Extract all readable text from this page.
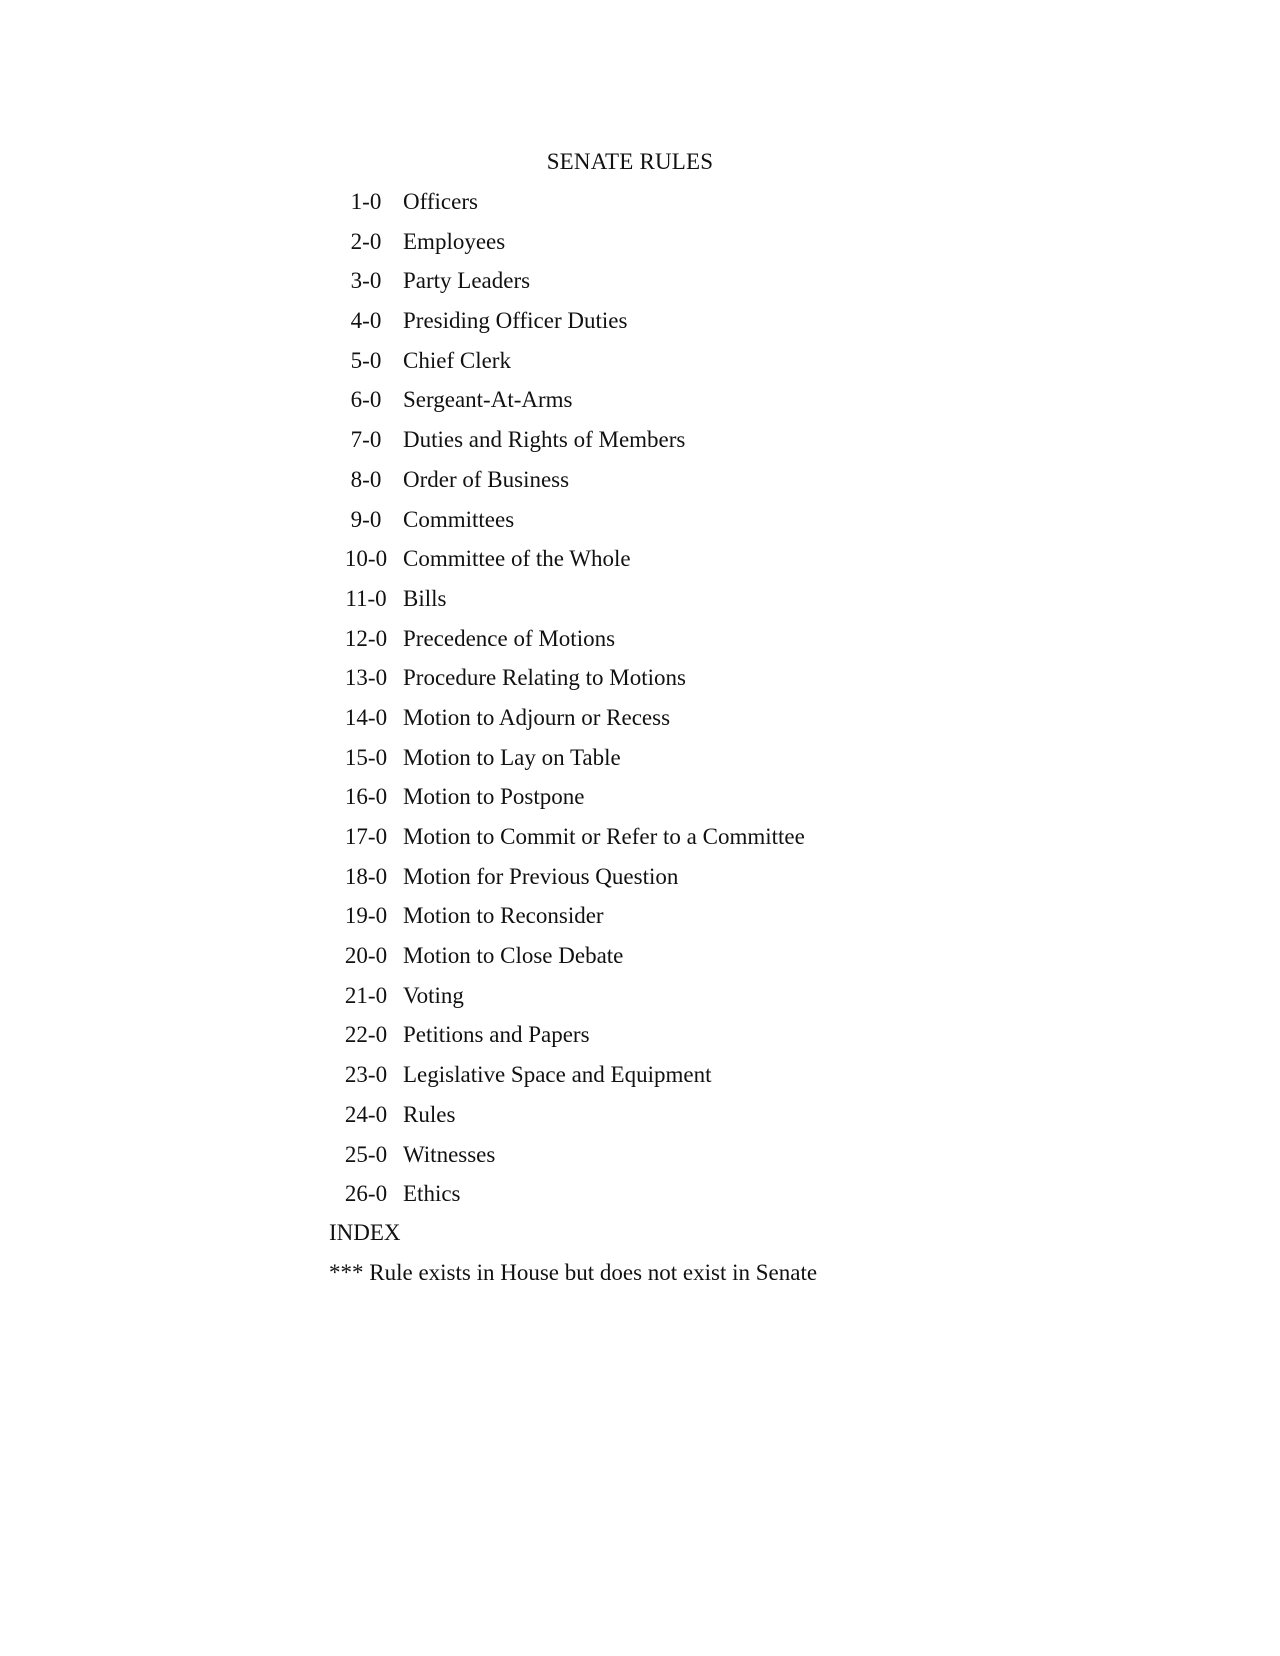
SENATE RULES
1-0 Officers
2-0 Employees
3-0 Party Leaders
4-0 Presiding Officer Duties
5-0 Chief Clerk
6-0 Sergeant-At-Arms
7-0 Duties and Rights of Members
8-0 Order of Business
9-0 Committees
10-0 Committee of the Whole
11-0 Bills
12-0 Precedence of Motions
13-0 Procedure Relating to Motions
14-0 Motion to Adjourn or Recess
15-0 Motion to Lay on Table
16-0 Motion to Postpone
17-0 Motion to Commit or Refer to a Committee
18-0 Motion for Previous Question
19-0 Motion to Reconsider
20-0 Motion to Close Debate
21-0 Voting
22-0 Petitions and Papers
23-0 Legislative Space and Equipment
24-0 Rules
25-0 Witnesses
26-0 Ethics
INDEX
*** Rule exists in House but does not exist in Senate
